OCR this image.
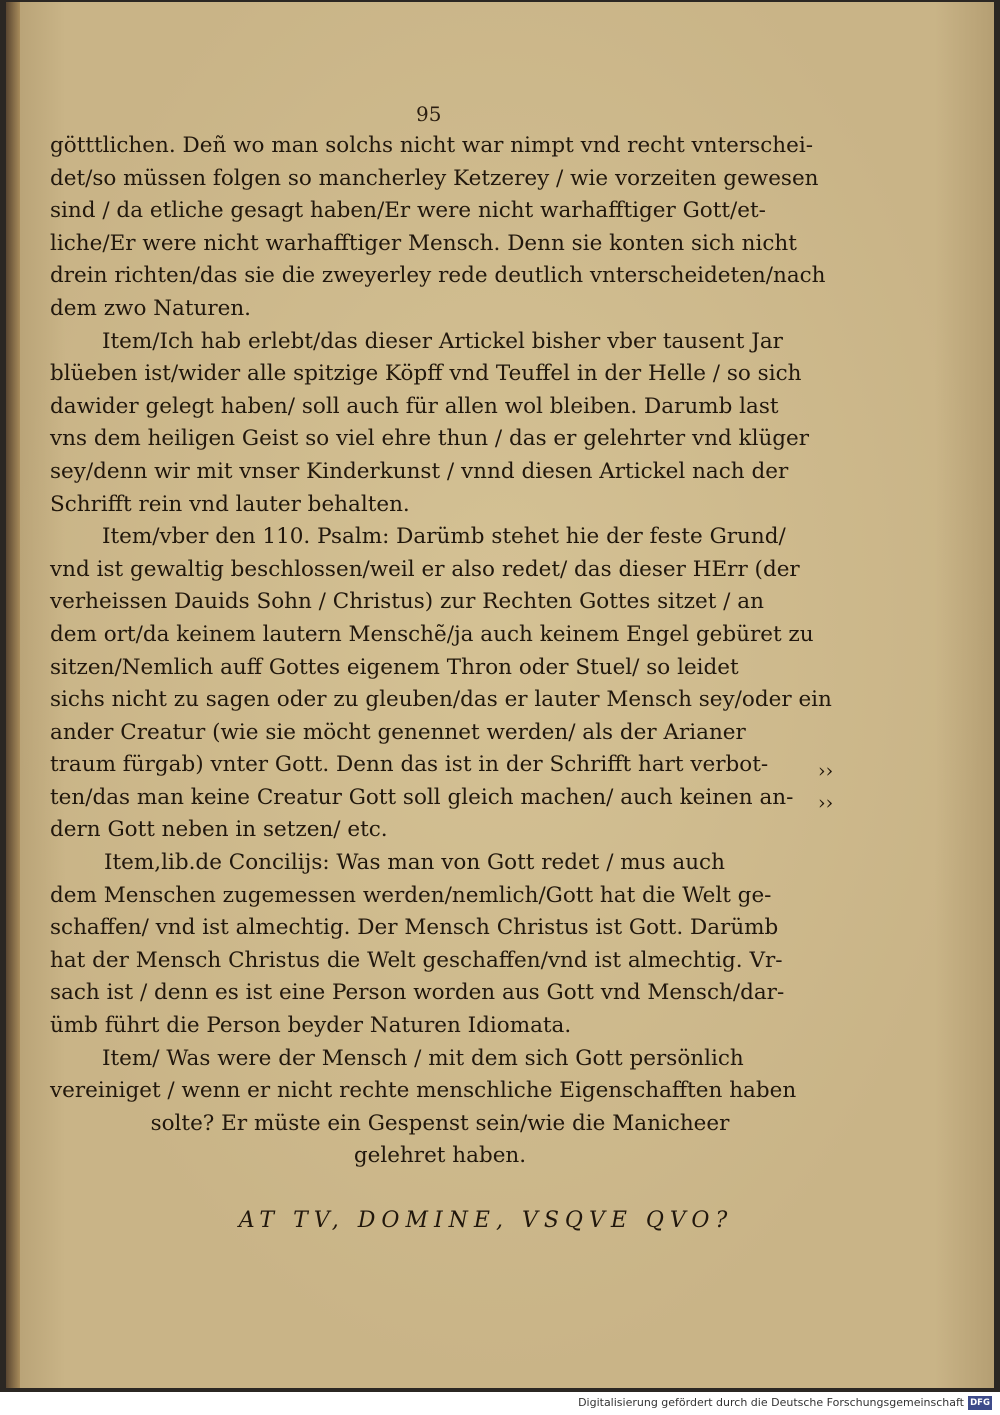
95
götttlichen. Deñ wo man solchs nicht war nimpt vnd recht vnterschei-
det/so müssen folgen so mancherley Ketzerey / wie vorzeiten gewesen
sind / da etliche gesagt haben/Er were nicht warhafftiger Gott/et-
liche/Er were nicht warhafftiger Mensch. Denn sie konten sich nicht
drein richten/das sie die zweyerley rede deutlich vnterscheideten/nach
dem zwo Naturen.
Item/Ich hab erlebt/das dieser Artickel bisher vber tausent Jar
blüeben ist/wider alle spitzige Köpff vnd Teuffel in der Helle / so sich
dawider gelegt haben/ soll auch für allen wol bleiben. Darumb last
vns dem heiligen Geist so viel ehre thun / das er gelehrter vnd klüger
sey/denn wir mit vnser Kinderkunst / vnnd diesen Artickel nach der
Schrifft rein vnd lauter behalten.
Item/vber den 110. Psalm: Darümb stehet hie der feste Grund/
vnd ist gewaltig beschlossen/weil er also redet/ das dieser HErr (der
verheissen Dauids Sohn / Christus) zur Rechten Gottes sitzet / an
dem ort/da keinem lautern Menschẽ/ja auch keinem Engel gebüret zu
sitzen/Nemlich auff Gottes eigenem Thron oder Stuel/ so leidet
sichs nicht zu sagen oder zu gleuben/das er lauter Mensch sey/oder ein
ander Creatur (wie sie möcht genennet werden/ als der Arianer
traum fürgab) vnter Gott. Denn das ist in der Schrifft hart verbot-
ten/das man keine Creatur Gott soll gleich machen/ auch keinen an-
dern Gott neben in setzen/ etc.
Item,lib.de Concilijs: Was man von Gott redet / mus auch
dem Menschen zugemessen werden/nemlich/Gott hat die Welt ge-
schaffen/ vnd ist almechtig. Der Mensch Christus ist Gott. Darümb
hat der Mensch Christus die Welt geschaffen/vnd ist almechtig. Vr-
sach ist / denn es ist eine Person worden aus Gott vnd Mensch/dar-
ümb führt die Person beyder Naturen Idiomata.
Item/ Was were der Mensch / mit dem sich Gott persönlich
vereiniget / wenn er nicht rechte menschliche Eigenschafften haben
solte? Er müste ein Gespenst sein/wie die Manicheer
gelehret haben.
››
››
AT TV, DOMINE, VSQVE QVO?
Digitalisierung gefördert durch die Deutsche Forschungsgemeinschaft DFG
